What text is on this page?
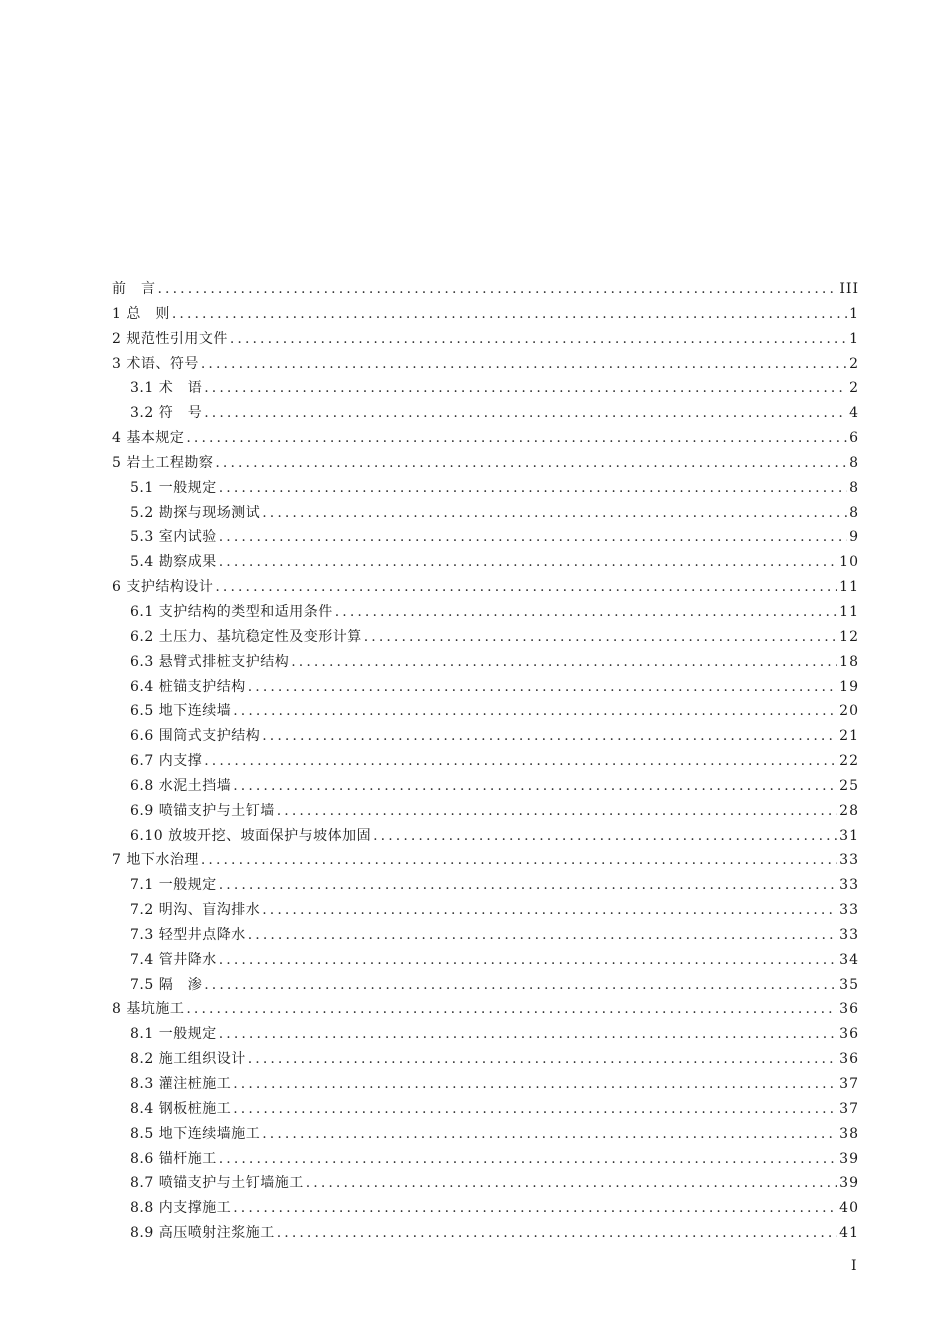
前　言 .....	III
1 总　则 .....	1
2 规范性引用文件 .....	1
3 术语、符号 .....	2
3.1 术　语 .....	2
3.2 符　号 .....	4
4 基本规定 .....	6
5 岩土工程勘察 .....	8
5.1 一般规定 .....	8
5.2 勘探与现场测试 .....	8
5.3 室内试验 .....	9
5.4 勘察成果 .....	10
6 支护结构设计 .....	11
6.1 支护结构的类型和适用条件 .....	11
6.2 土压力、基坑稳定性及变形计算 .....	12
6.3 悬臂式排桩支护结构 .....	18
6.4 桩锚支护结构 .....	19
6.5 地下连续墙 .....	20
6.6 围筒式支护结构 .....	21
6.7 内支撑 .....	22
6.8 水泥土挡墙 .....	25
6.9 喷锚支护与土钉墙 .....	28
6.10 放坡开挖、坡面保护与坡体加固 .....	31
7 地下水治理 .....	33
7.1 一般规定 .....	33
7.2 明沟、盲沟排水 .....	33
7.3 轻型井点降水 .....	33
7.4 管井降水 .....	34
7.5 隔　渗 .....	35
8 基坑施工 .....	36
8.1 一般规定 .....	36
8.2 施工组织设计 .....	36
8.3 灌注桩施工 .....	37
8.4 钢板桩施工 .....	37
8.5 地下连续墙施工 .....	38
8.6 锚杆施工 .....	39
8.7 喷锚支护与土钉墙施工 .....	39
8.8 内支撑施工 .....	40
8.9 高压喷射注浆施工 .....	41
I
